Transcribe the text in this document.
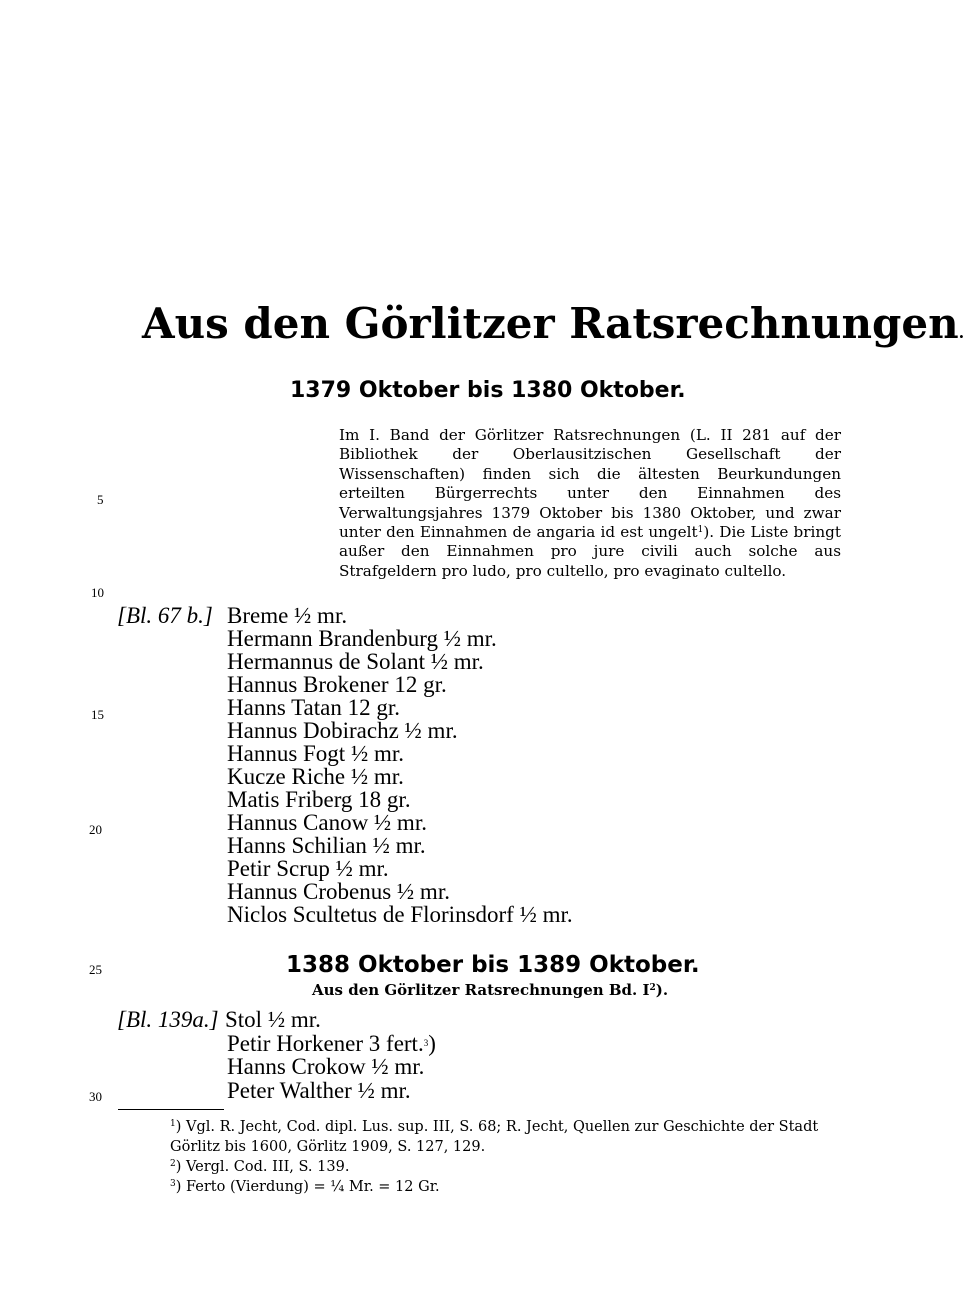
Aus den Görlitzer Ratsrechnungen.
1379 Oktober bis 1380 Oktober.

Im I. Band der Görlitzer Ratsrechnungen (L. II 281 auf der Bibliothek der Oberlausitzischen Gesellschaft der Wissenschaften) finden sich die ältesten Beurkundungen erteilten Bürgerrechts unter den Einnahmen des Verwaltungsjahres 1379 Oktober bis 1380 Oktober, und zwar unter den Einnahmen de angaria id est ungelt$^1$). Die Liste bringt außer den Einnahmen pro jure civili auch solche aus Strafgeldern pro ludo, pro cultello, pro evaginato cultello.

5
10
15
20
25
30
[Bl. 67 b.] Breme ½ mr.
Hermann Brandenburg ½ mr.
Hermannus de Solant ½ mr.
Hannus Brokener 12 gr.
Hanns Tatan 12 gr.
Hannus Dobirachz ½ mr.
Hannus Fogt ½ mr.
Kucze Riche ½ mr.
Matis Friberg 18 gr.
Hannus Canow ½ mr.
Hanns Schilian ½ mr.
Petir Scrup ½ mr.
Hannus Crobenus ½ mr.
Niclos Scultetus de Florinsdorf ½ mr.
1388 Oktober bis 1389 Oktober.

Aus den Görlitzer Ratsrechnungen Bd. $I^2$).

[Bl. 139a.] Stol ½ mr.
Petir Horkener 3 fert.$^3$)
Hanns Crokow ½ mr.
Peter Walther ½ mr.

$^1$) Vgl. R. Jecht, Cod. dipl. Lus. sup. III, S. 68; R. Jecht, Quellen zur Geschichte der Stadt Görlitz bis 1600, Görlitz 1909, S. 127, 129.

$^2$) Vergl. Cod. III, S. 139.

$^3$) Ferto (Vierdung) = ¼ Mr. = 12 Gr.
